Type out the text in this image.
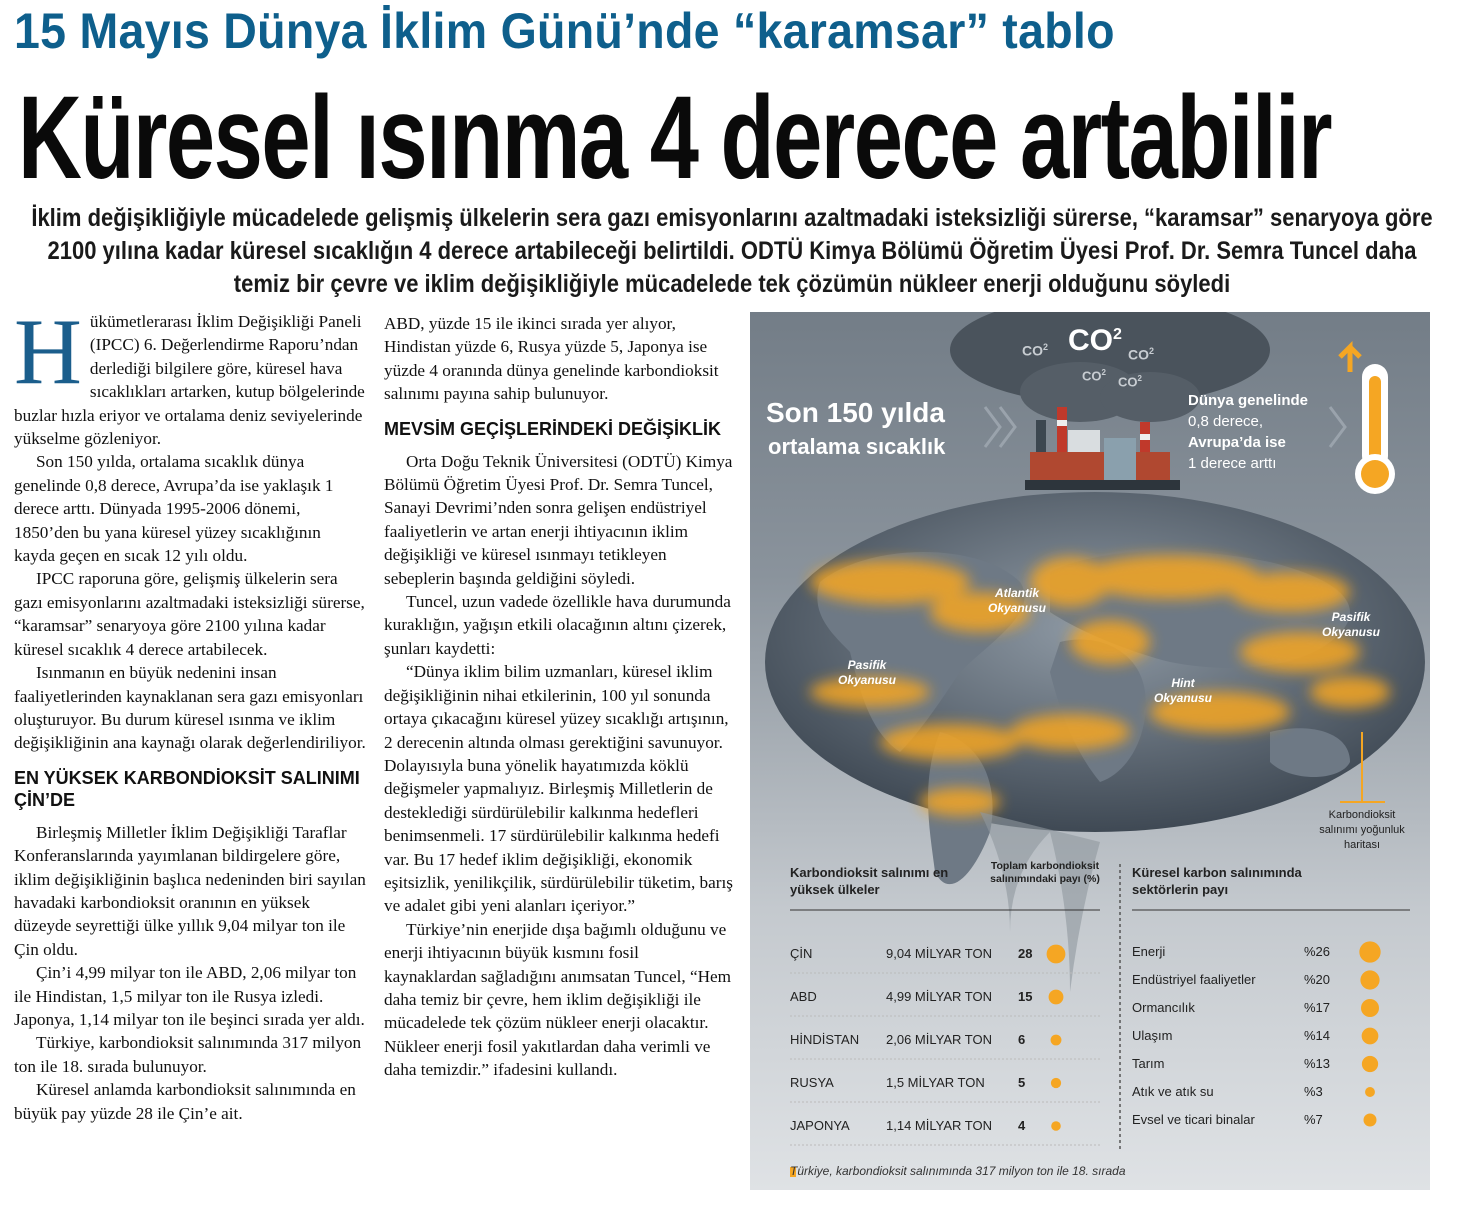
15 Mayıs Dünya İklim Günü’nde “karamsar” tablo
Küresel ısınma 4 derece artabilir
İklim değişikliğiyle mücadelede gelişmiş ülkelerin sera gazı emisyonlarını azaltmadaki isteksizliği sürerse, “karamsar” senaryoya göre 2100 yılına kadar küresel sıcaklığın 4 derece artabileceği belirtildi. ODTÜ Kimya Bölümü Öğretim Üyesi Prof. Dr. Semra Tuncel daha temiz bir çevre ve iklim değişikliğiyle mücadelede tek çözümün nükleer enerji olduğunu söyledi

Hükümetlerarası İklim Değişikliği Paneli (IPCC) 6. Değerlendirme Raporu’ndan derlediği bilgilere göre, küresel hava sıcaklıkları artarken, kutup bölgelerinde buzlar hızla eriyor ve ortalama deniz seviyelerinde yükselme gözleniyor.

Son 150 yılda, ortalama sıcaklık dünya genelinde 0,8 derece, Avrupa’da ise yaklaşık 1 derece arttı. Dünyada 1995-2006 dönemi, 1850’den bu yana küresel yüzey sıcaklığının kayda geçen en sıcak 12 yılı oldu.

IPCC raporuna göre, gelişmiş ülkelerin sera gazı emisyonlarını azaltmadaki isteksizliği sürerse, “karamsar” senaryoya göre 2100 yılına kadar küresel sıcaklık 4 derece artabilecek.

Isınmanın en büyük nedenini insan faaliyetlerinden kaynaklanan sera gazı emisyonları oluşturuyor. Bu durum küresel ısınma ve iklim değişikliğinin ana kaynağı olarak değerlendiriliyor.

EN YÜKSEK KARBONDİOKSİT SALINIMI ÇİN’DE

Birleşmiş Milletler İklim Değişikliği Taraflar Konferanslarında yayımlanan bildirgelere göre, iklim değişikliğinin başlıca nedeninden biri sayılan havadaki karbondioksit oranının en yüksek düzeyde seyrettiği ülke yıllık 9,04 milyar ton ile Çin oldu.

Çin’i 4,99 milyar ton ile ABD, 2,06 milyar ton ile Hindistan, 1,5 milyar ton ile Rusya izledi. Japonya, 1,14 milyar ton ile beşinci sırada yer aldı.

Türkiye, karbondioksit salınımında 317 milyon ton ile 18. sırada bulunuyor.

Küresel anlamda karbondioksit salınımında en büyük pay yüzde 28 ile Çin’e ait.

ABD, yüzde 15 ile ikinci sırada yer alıyor, Hindistan yüzde 6, Rusya yüzde 5, Japonya ise yüzde 4 oranında dünya genelinde karbondioksit salınımı payına sahip bulunuyor.

MEVSİM GEÇİŞLERİNDEKİ DEĞİŞİKLİK

Orta Doğu Teknik Üniversitesi (ODTÜ) Kimya Bölümü Öğretim Üyesi Prof. Dr. Semra Tuncel, Sanayi Devrimi’nden sonra gelişen endüstriyel faaliyetlerin ve artan enerji ihtiyacının iklim değişikliği ve küresel ısınmayı tetikleyen sebeplerin başında geldiğini söyledi.

Tuncel, uzun vadede özellikle hava durumunda kuraklığın, yağışın etkili olacağının altını çizerek, şunları kaydetti:

“Dünya iklim bilim uzmanları, küresel iklim değişikliğinin nihai etkilerinin, 100 yıl sonunda ortaya çıkacağını küresel yüzey sıcaklığı artışının, 2 derecenin altında olması gerektiğini savunuyor. Dolayısıyla buna yönelik hayatımızda köklü değişmeler yapmalıyız. Birleşmiş Milletlerin de desteklediği sürdürülebilir kalkınma hedefleri benimsenmeli. 17 sürdürülebilir kalkınma hedefi var. Bu 17 hedef iklim değişikliği, ekonomik eşitsizlik, yenilikçilik, sürdürülebilir tüketim, barış ve adalet gibi yeni alanları içeriyor.”

Türkiye’nin enerjide dışa bağımlı olduğunu ve enerji ihtiyacının büyük kısmını fosil kaynaklardan sağladığını anımsatan Tuncel, “Hem daha temiz bir çevre, hem iklim değişikliği ile mücadelede tek çözüm nükleer enerji olacaktır. Nükleer enerji fosil yakıtlardan daha verimli ve daha temizdir.” ifadesini kullandı.

$CO^2$
$CO^2$	$CO^2$
$CO^2$
$CO^2$
Son 150 yılda
ortalama sıcaklık
Dünya genelinde
0,8 derece,
Avrupa’da ise
1 derece arttı
Atlantik Okyanusu
Pasifik Okyanusu
Pasifik Okyanusu
Hint Okyanusu
Karbondioksit salınımı yoğunluk haritası
Karbondioksit salınımı en yüksek ülkeler
Toplam karbondioksit salınımındaki payı (%) Küresel karbon salınımında sektörlerin payı
ÇİN	9,04 MİLYAR TON 28
ABD	4,99 MİLYAR TON 15
HİNDİSTAN 2,06 MİLYAR TON 6
RUSYA	1,5 MİLYAR TON	5
JAPONYA	1,14 MİLYAR TON 4
Enerji	%26
Endüstriyel faaliyetler	%20
Ormancılık	%17
Ulaşım	%14
Tarım	%13
Atık ve atık su	%3
Evsel ve ticari binalar	%7
Türkiye, karbondioksit salınımında 317 milyon ton ile 18. sırada
